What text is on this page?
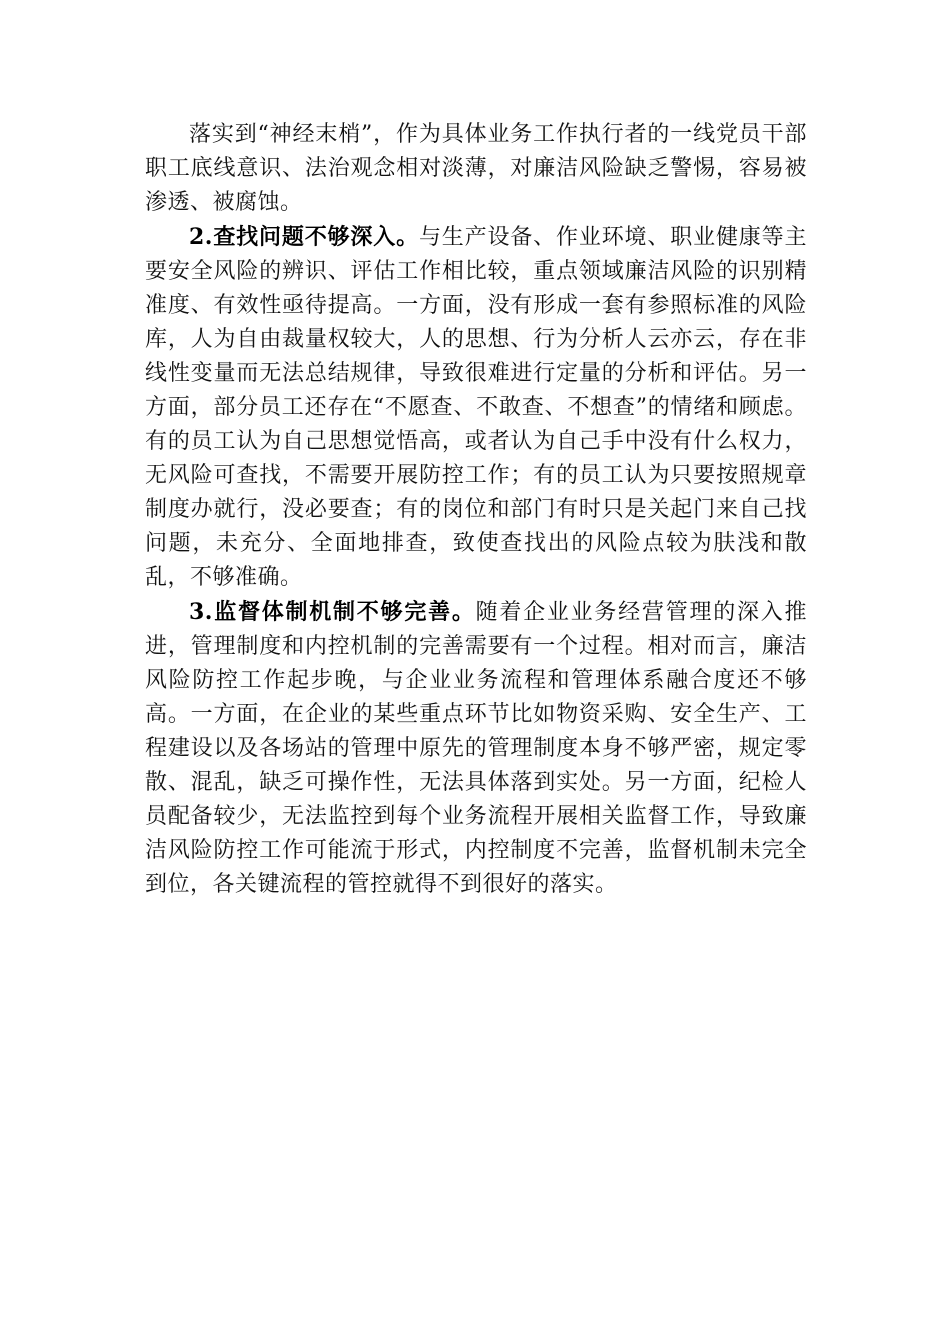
落实到“神经末梢”，作为具体业务工作执行者的一线党员干部职工底线意识、法治观念相对淡薄，对廉洁风险缺乏警惕，容易被渗透、被腐蚀。

2.查找问题不够深入。与生产设备、作业环境、职业健康等主要安全风险的辨识、评估工作相比较，重点领域廉洁风险的识别精准度、有效性亟待提高。一方面，没有形成一套有参照标准的风险库，人为自由裁量权较大，人的思想、行为分析人云亦云，存在非线性变量而无法总结规律，导致很难进行定量的分析和评估。另一方面，部分员工还存在“不愿查、不敢查、不想查”的情绪和顾虑。有的员工认为自己思想觉悟高，或者认为自己手中没有什么权力，无风险可查找，不需要开展防控工作；有的员工认为只要按照规章制度办就行，没必要查；有的岗位和部门有时只是关起门来自己找问题，未充分、全面地排查，致使查找出的风险点较为肤浅和散乱，不够准确。

3.监督体制机制不够完善。随着企业业务经营管理的深入推进，管理制度和内控机制的完善需要有一个过程。相对而言，廉洁风险防控工作起步晚，与企业业务流程和管理体系融合度还不够高。一方面，在企业的某些重点环节比如物资采购、安全生产、工程建设以及各场站的管理中原先的管理制度本身不够严密，规定零散、混乱，缺乏可操作性，无法具体落到实处。另一方面，纪检人员配备较少，无法监控到每个业务流程开展相关监督工作，导致廉洁风险防控工作可能流于形式，内控制度不完善，监督机制未完全到位，各关键流程的管控就得不到很好的落实。
